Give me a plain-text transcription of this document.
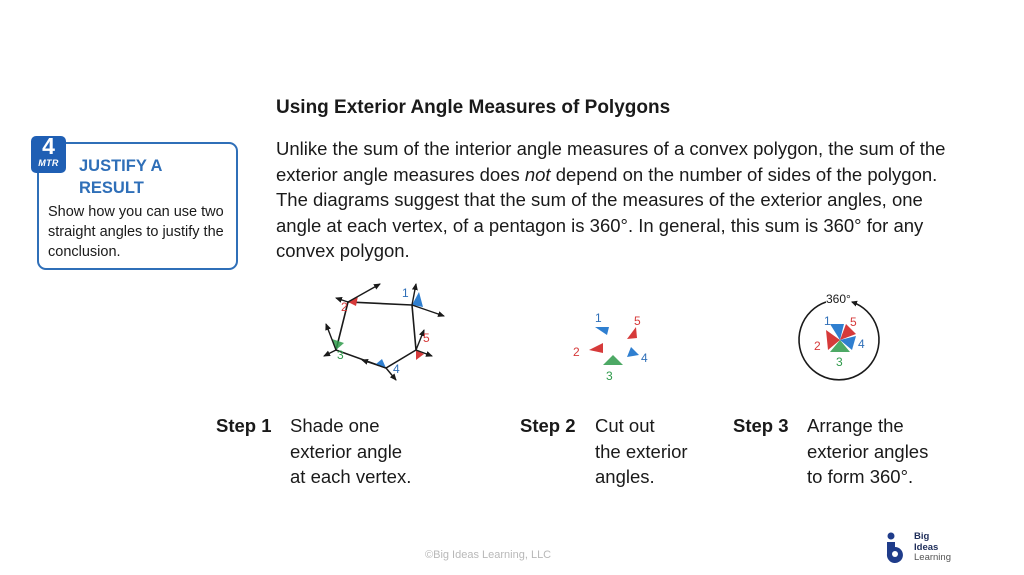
4
MTR	JUSTIFY A RESULT
Show how you can use two straight angles to justify the conclusion.
Using Exterior Angle Measures of Polygons
Unlike the sum of the interior angle measures of a convex polygon, the sum of the exterior angle measures does not depend on the number of sides of the polygon. The diagrams suggest that the sum of the measures of the exterior angles, one angle at each vertex, of a pentagon is 360°. In general, this sum is 360° for any convex polygon.
1
2
3
4
5
1	5
2	4
3
360°
1 5
2	4
3
Step 1 Shade one
exterior angle
at each vertex.
Step 2 Cut out
the exterior
angles.
Step 3 Arrange the
exterior angles
to form 360°.
©Big Ideas Learning, LLC
Big
Ideas
Learning
